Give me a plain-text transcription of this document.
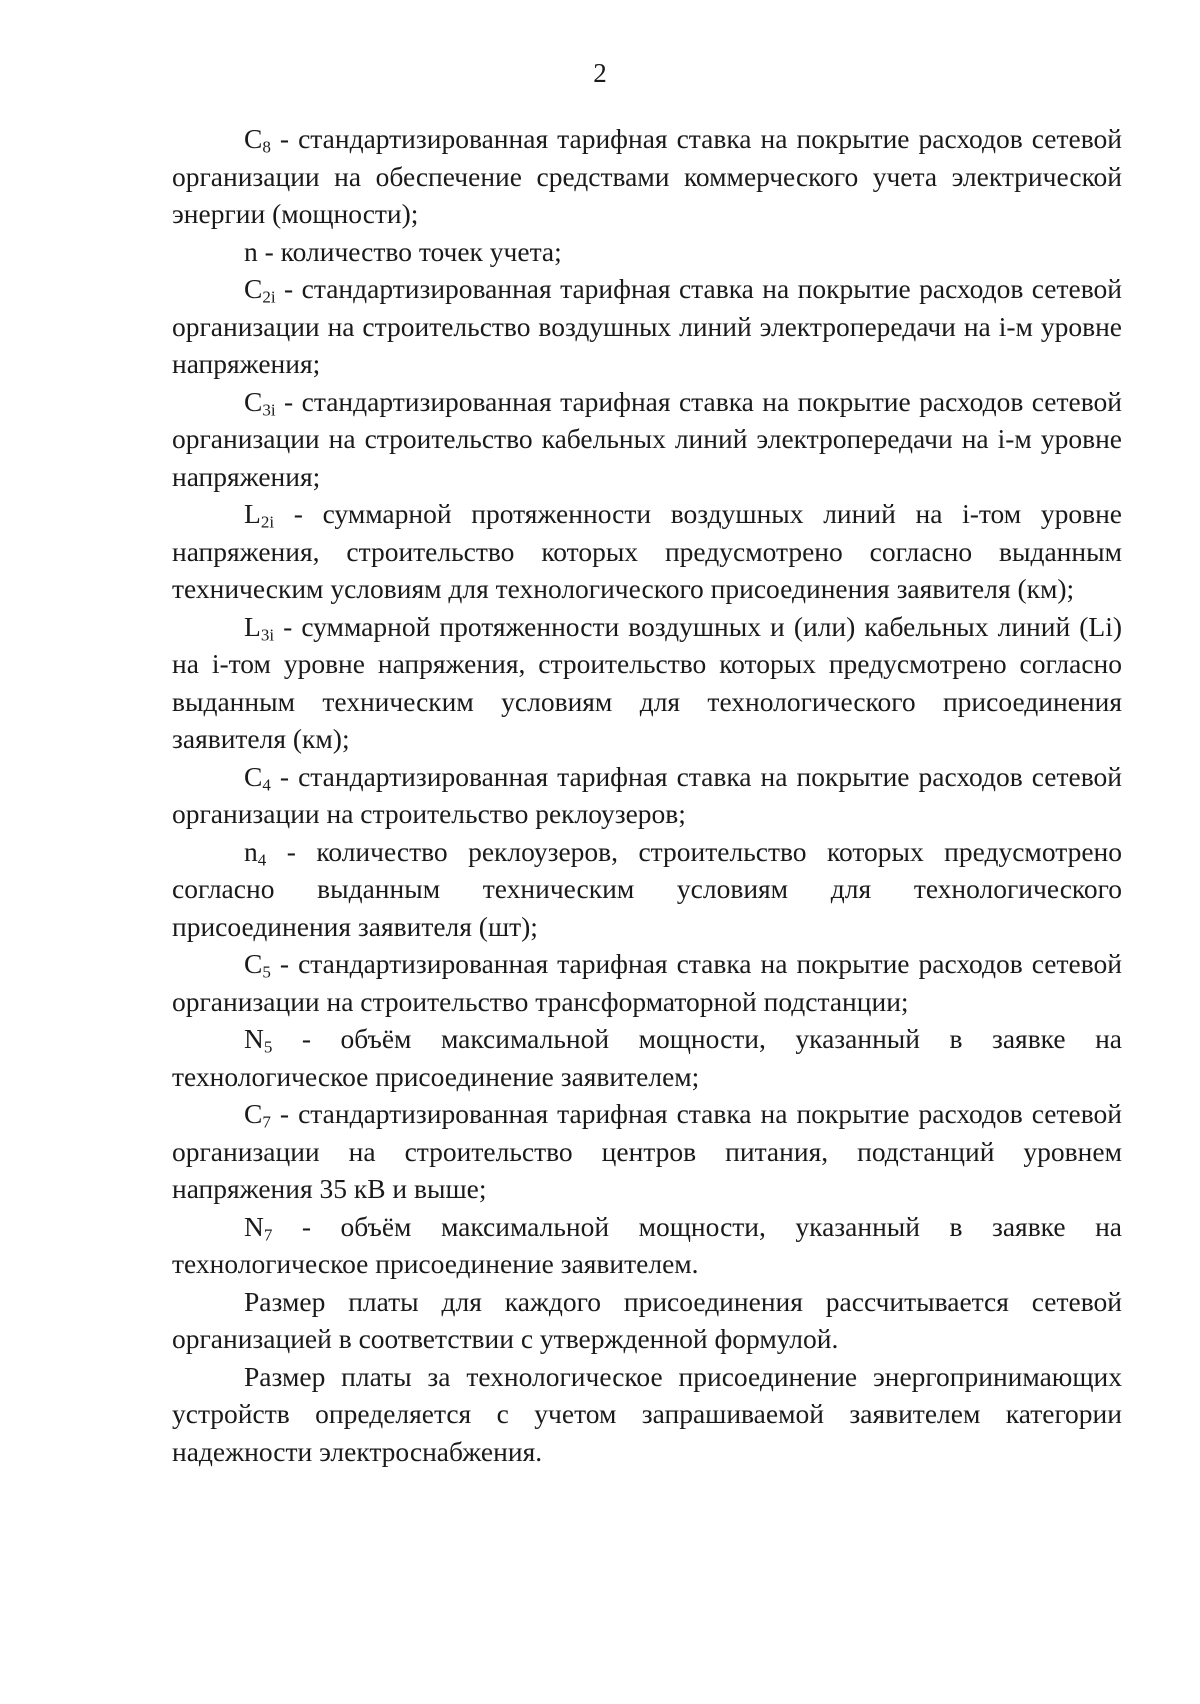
2

$C_8$ - стандартизированная тарифная ставка на покрытие расходов сетевой организации на обеспечение средствами коммерческого учета электрической энергии (мощности);

n - количество точек учета;

$C_{2i}$ - стандартизированная тарифная ставка на покрытие расходов сетевой организации на строительство воздушных линий электропередачи на i-м уровне напряжения;

$C_{3i}$ - стандартизированная тарифная ставка на покрытие расходов сетевой организации на строительство кабельных линий электропередачи на i-м уровне напряжения;

$L_{2i}$ - суммарной протяженности воздушных линий на i-том уровне напряжения, строительство которых предусмотрено согласно выданным техническим условиям для технологического присоединения заявителя (км);

$L_{3i}$ - суммарной протяженности воздушных и (или) кабельных линий (Li) на i-том уровне напряжения, строительство которых предусмотрено согласно выданным техническим условиям для технологического присоединения заявителя (км);

$C_4$ - стандартизированная тарифная ставка на покрытие расходов сетевой организации на строительство реклоузеров;

$n_4$ - количество реклоузеров, строительство которых предусмотрено согласно выданным техническим условиям для технологического присоединения заявителя (шт);

$C_5$ - стандартизированная тарифная ставка на покрытие расходов сетевой организации на строительство трансформаторной подстанции;

$N_5$ - объём максимальной мощности, указанный в заявке на технологическое присоединение заявителем;

$C_7$ - стандартизированная тарифная ставка на покрытие расходов сетевой организации на строительство центров питания, подстанций уровнем напряжения 35 кВ и выше;

$N_7$ - объём максимальной мощности, указанный в заявке на технологическое присоединение заявителем.

Размер платы для каждого присоединения рассчитывается сетевой организацией в соответствии с утвержденной формулой.

Размер платы за технологическое присоединение энергопринимающих устройств определяется с учетом запрашиваемой заявителем категории надежности электроснабжения.
